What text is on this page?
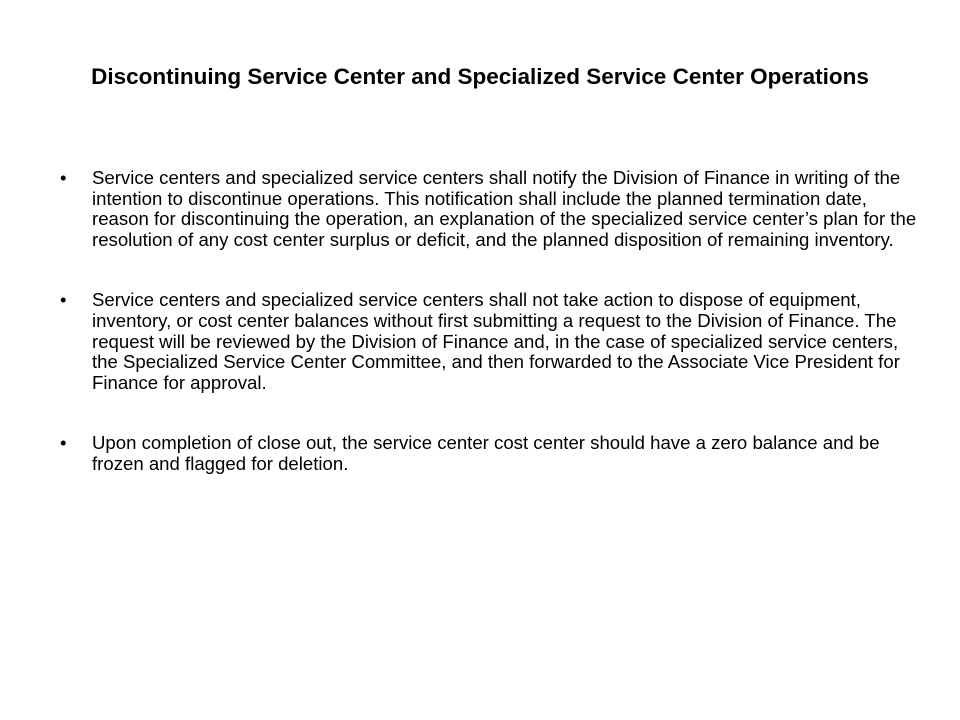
Discontinuing Service Center and Specialized Service Center Operations
• Service centers and specialized service centers shall notify the Division of Finance in writing of the intention to discontinue operations. This notification shall include the planned termination date, reason for discontinuing the operation, an explanation of the specialized service center’s plan for the resolution of any cost center surplus or deficit, and the planned disposition of remaining inventory.
• Service centers and specialized service centers shall not take action to dispose of equipment, inventory, or cost center balances without first submitting a request to the Division of Finance. The request will be reviewed by the Division of Finance and, in the case of specialized service centers, the Specialized Service Center Committee, and then forwarded to the Associate Vice President for Finance for approval.
• Upon completion of close out, the service center cost center should have a zero balance and be frozen and flagged for deletion.
